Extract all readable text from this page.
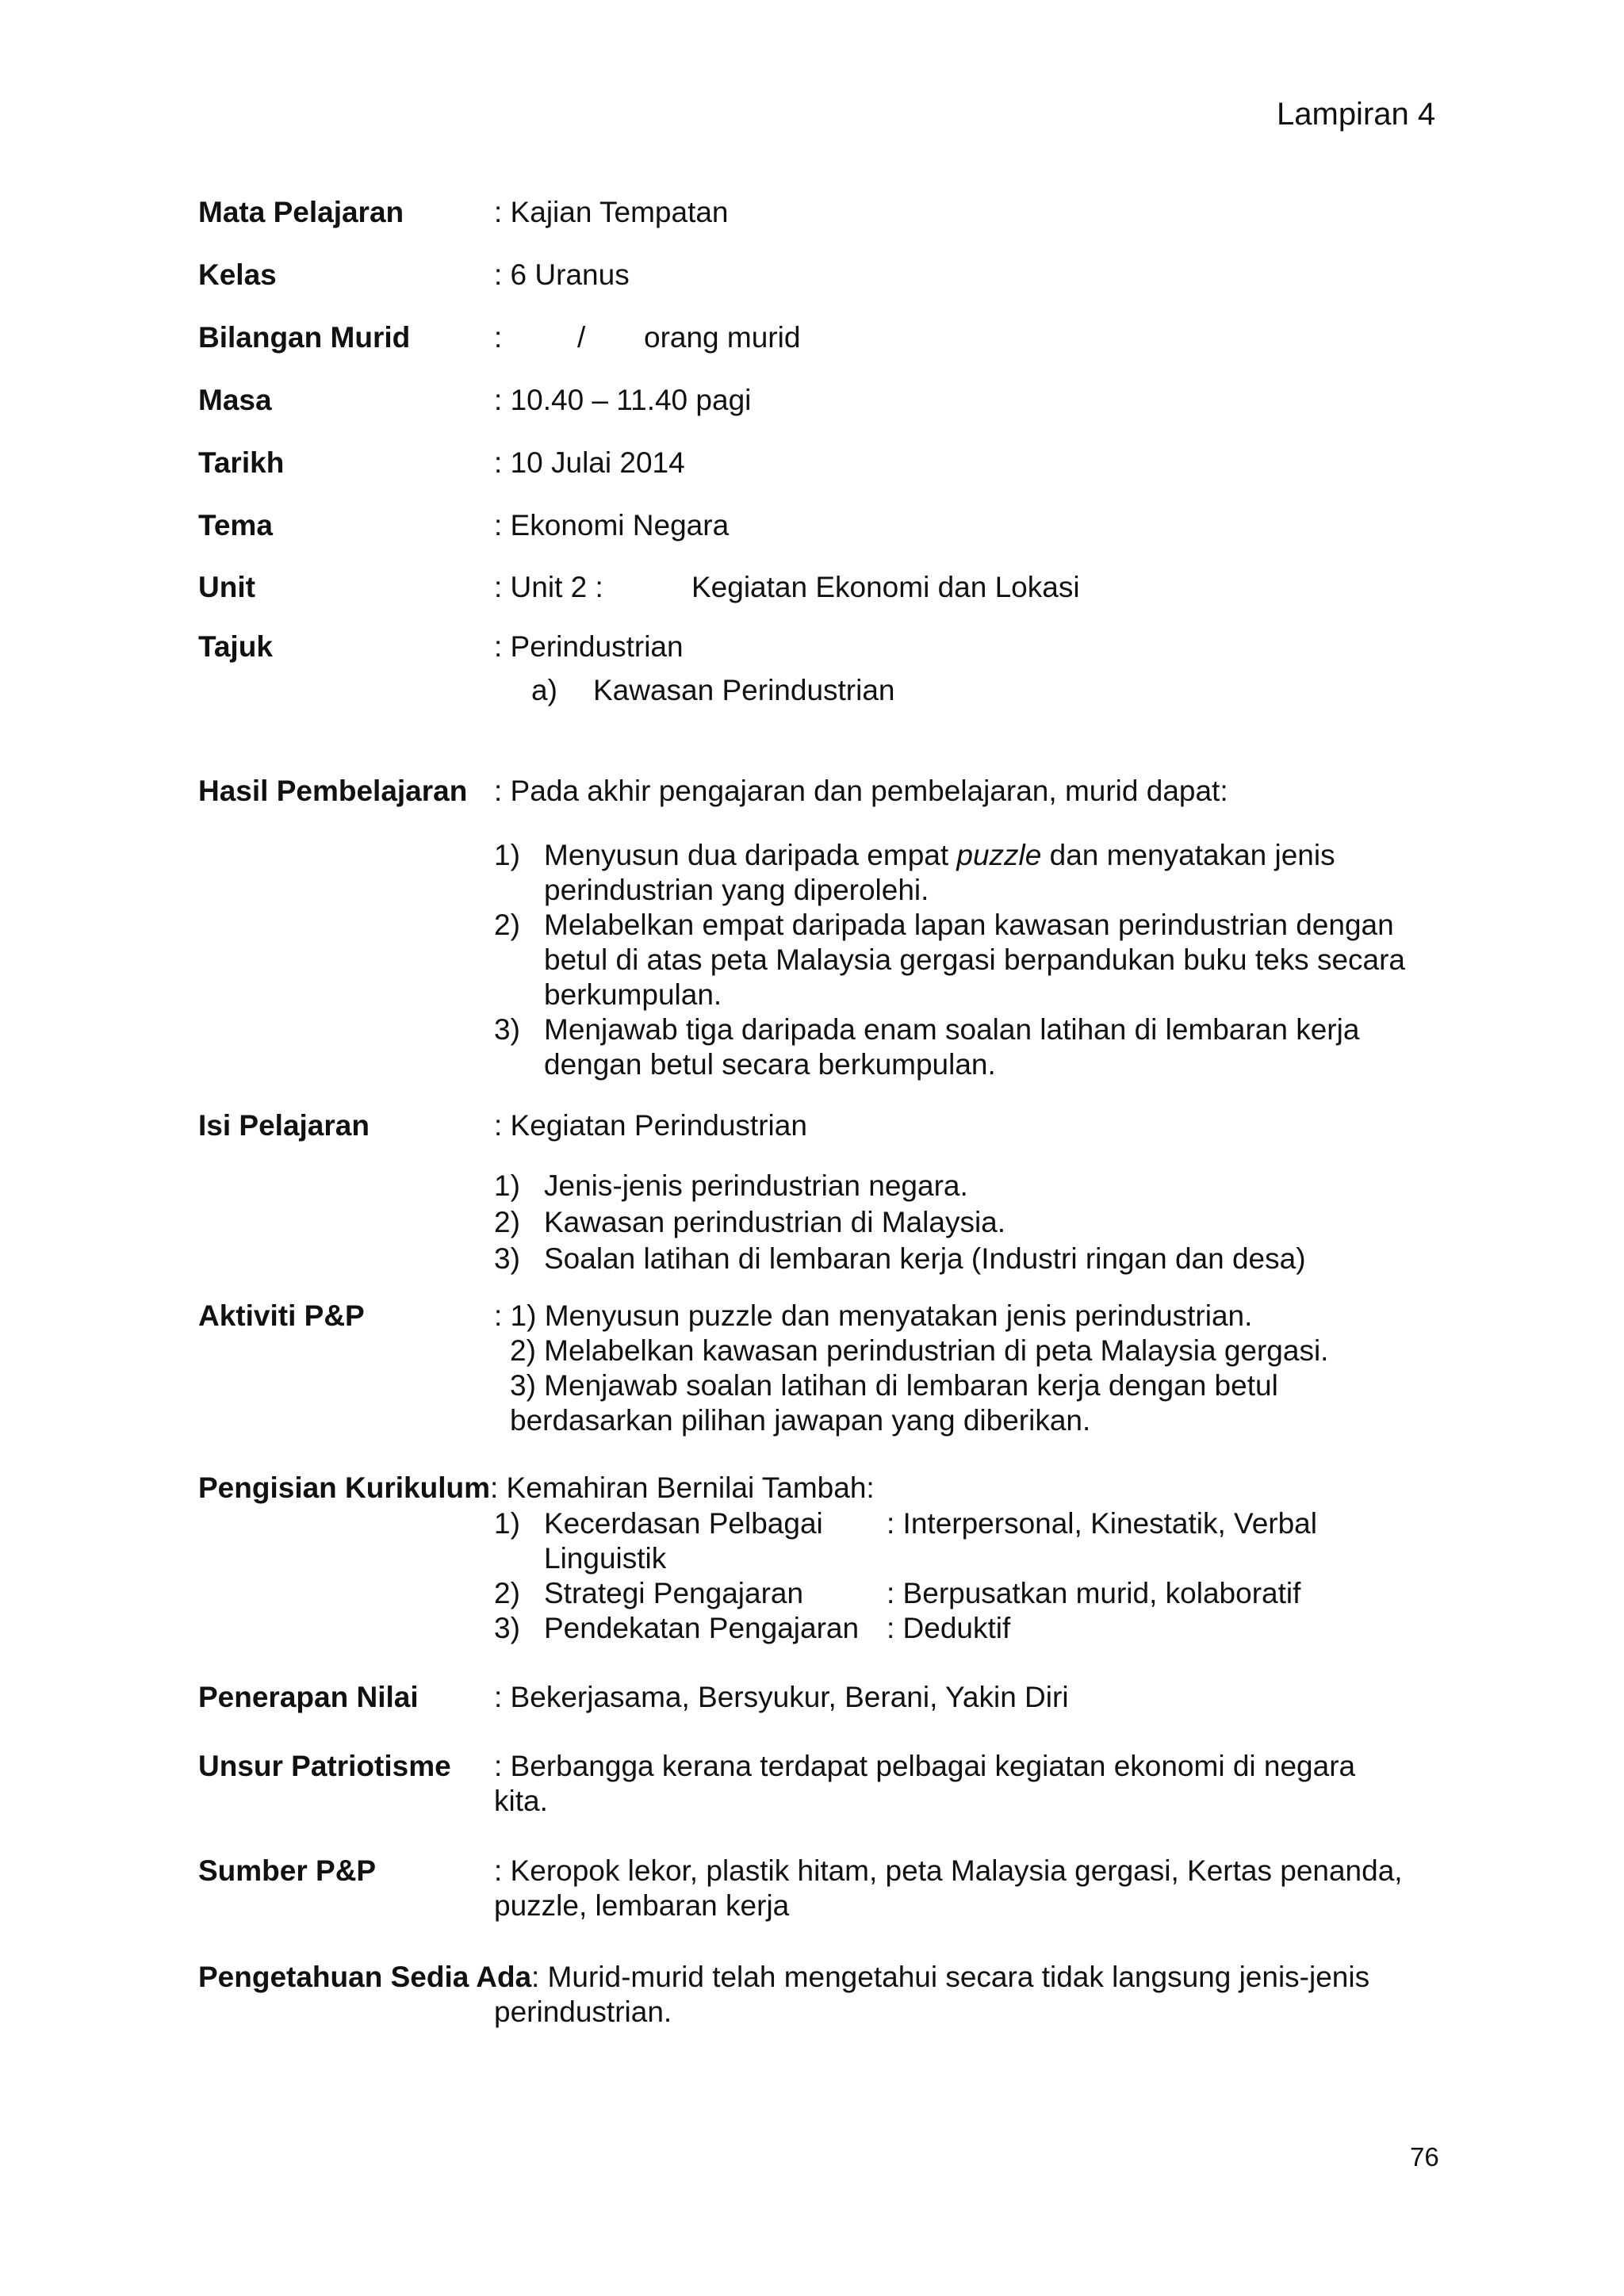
Lampiran 4
Mata Pelajaran	: Kajian Tempatan
Kelas	: 6 Uranus
Bilangan Murid	:	/ orang murid
Masa	: 10.40 – 11.40 pagi
Tarikh	: 10 Julai 2014
Tema	: Ekonomi Negara
Unit	: Unit 2 :	Kegiatan Ekonomi dan Lokasi
Tajuk	: Perindustrian
a) Kawasan Perindustrian
Hasil Pembelajaran : Pada akhir pengajaran dan pembelajaran, murid dapat:
1) Menyusun dua daripada empat puzzle dan menyatakan jenis
perindustrian yang diperolehi.
2) Melabelkan empat daripada lapan kawasan perindustrian dengan
betul di atas peta Malaysia gergasi berpandukan buku teks secara
berkumpulan.
3) Menjawab tiga daripada enam soalan latihan di lembaran kerja
dengan betul secara berkumpulan.
Isi Pelajaran	: Kegiatan Perindustrian
1) Jenis-jenis perindustrian negara.
2) Kawasan perindustrian di Malaysia.
3) Soalan latihan di lembaran kerja (Industri ringan dan desa)
Aktiviti P&P	: 1) Menyusun puzzle dan menyatakan jenis perindustrian.
2) Melabelkan kawasan perindustrian di peta Malaysia gergasi.
3) Menjawab soalan latihan di lembaran kerja dengan betul
berdasarkan pilihan jawapan yang diberikan.
Pengisian Kurikulum : Kemahiran Bernilai Tambah:
1) Kecerdasan Pelbagai : Interpersonal, Kinestatik, Verbal
Linguistik
2) Strategi Pengajaran	: Berpusatkan murid, kolaboratif
3) Pendekatan Pengajaran : Deduktif
Penerapan Nilai	: Bekerjasama, Bersyukur, Berani, Yakin Diri
Unsur Patriotisme : Berbangga kerana terdapat pelbagai kegiatan ekonomi di negara
kita.
Sumber P&P	: Keropok lekor, plastik hitam, peta Malaysia gergasi, Kertas penanda,
puzzle, lembaran kerja
Pengetahuan Sedia Ada : Murid-murid telah mengetahui secara tidak langsung jenis-jenis
perindustrian.
76
